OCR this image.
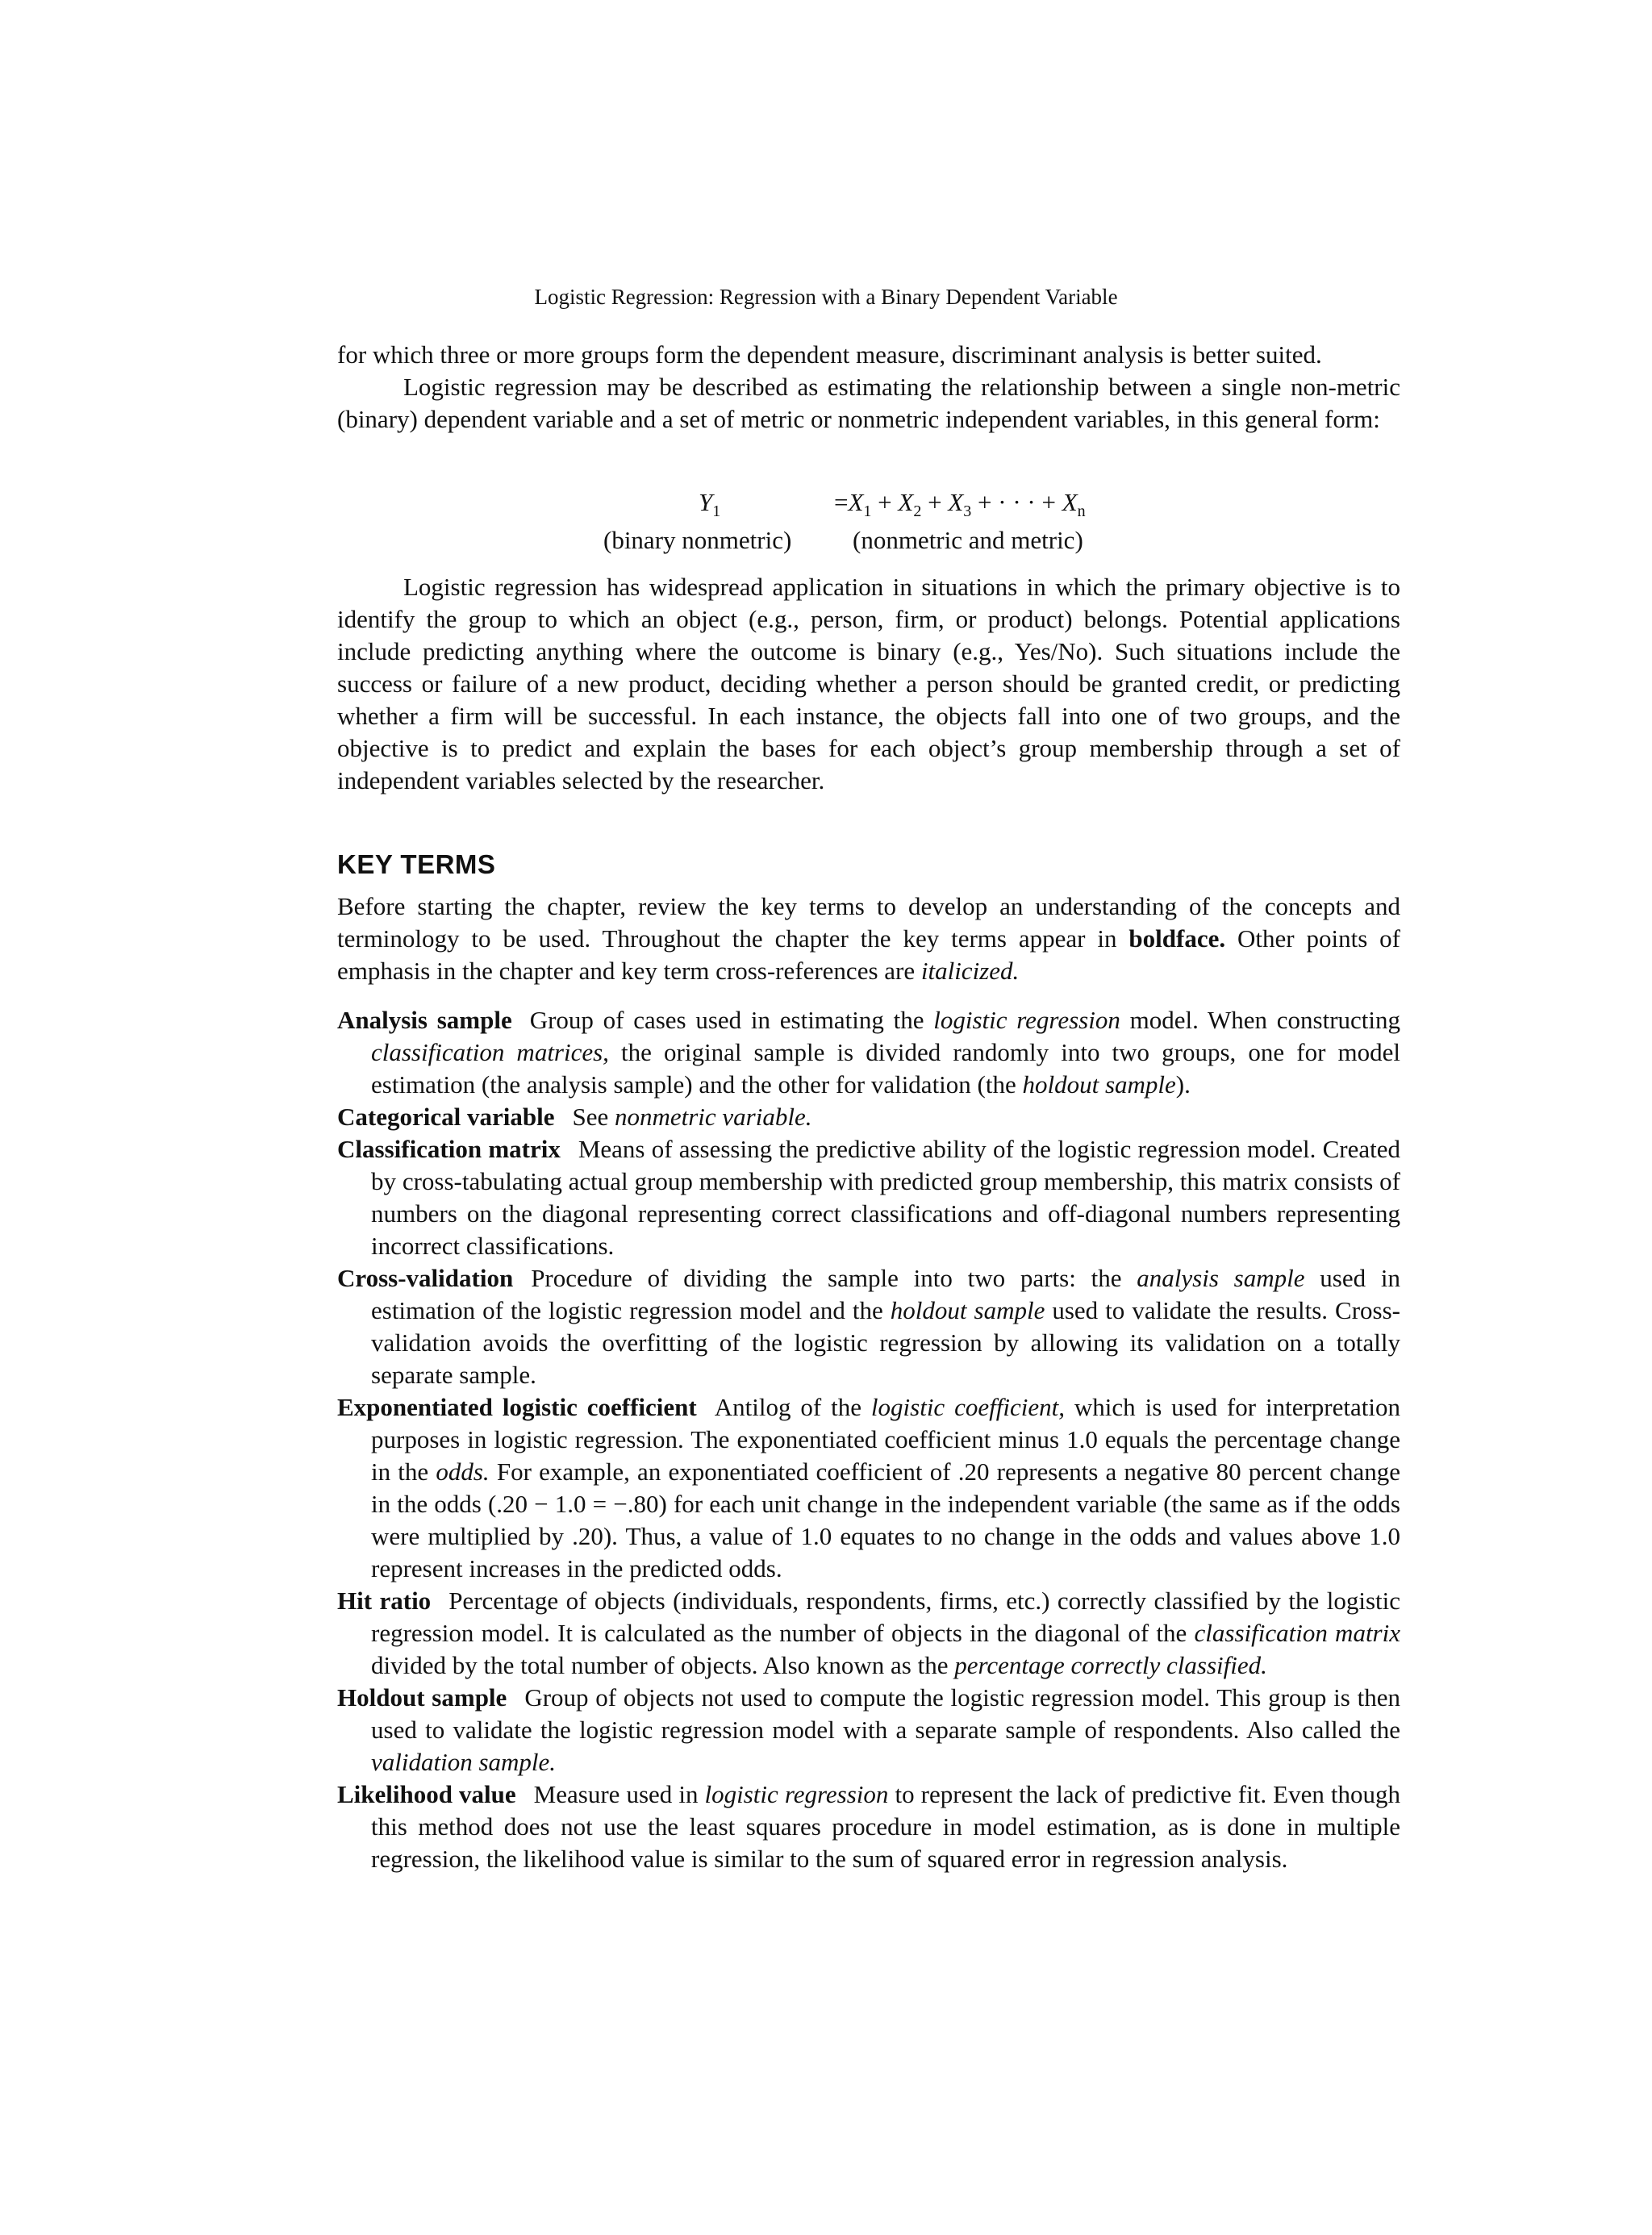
Logistic Regression: Regression with a Binary Dependent Variable

for which three or more groups form the dependent measure, discriminant analysis is better suited.

Logistic regression may be described as estimating the relationship between a single non-metric (binary) dependent variable and a set of metric or nonmetric independent variables, in this general form:

$Y_1$	$=X_1 + X_2 + X_3$ + · · · + $X_n$
(binary nonmetric) (nonmetric and metric)

Logistic regression has widespread application in situations in which the primary objective is to identify the group to which an object (e.g., person, firm, or product) belongs. Potential applications include predicting anything where the outcome is binary (e.g., Yes/No). Such situations include the success or failure of a new product, deciding whether a person should be granted credit, or predicting whether a firm will be successful. In each instance, the objects fall into one of two groups, and the objective is to predict and explain the bases for each object’s group membership through a set of independent variables selected by the researcher.

KEY TERMS

Before starting the chapter, review the key terms to develop an understanding of the concepts and terminology to be used. Throughout the chapter the key terms appear in boldface. Other points of emphasis in the chapter and key term cross-references are italicized.

Analysis sample Group of cases used in estimating the logistic regression model. When constructing classification matrices, the original sample is divided randomly into two groups, one for model estimation (the analysis sample) and the other for validation (the holdout sample).

Categorical variable See nonmetric variable.

Classification matrix Means of assessing the predictive ability of the logistic regression model. Created by cross-tabulating actual group membership with predicted group membership, this matrix consists of numbers on the diagonal representing correct classifications and off-diagonal numbers representing incorrect classifications.

Cross-validation Procedure of dividing the sample into two parts: the analysis sample used in estimation of the logistic regression model and the holdout sample used to validate the results. Cross-validation avoids the overfitting of the logistic regression by allowing its validation on a totally separate sample.

Exponentiated logistic coefficient Antilog of the logistic coefficient, which is used for interpretation purposes in logistic regression. The exponentiated coefficient minus 1.0 equals the percentage change in the odds. For example, an exponentiated coefficient of .20 represents a negative 80 percent change in the odds (.20 − 1.0 = −.80) for each unit change in the independent variable (the same as if the odds were multiplied by .20). Thus, a value of 1.0 equates to no change in the odds and values above 1.0 represent increases in the predicted odds.

Hit ratio Percentage of objects (individuals, respondents, firms, etc.) correctly classified by the logistic regression model. It is calculated as the number of objects in the diagonal of the classification matrix divided by the total number of objects. Also known as the percentage correctly classified.

Holdout sample Group of objects not used to compute the logistic regression model. This group is then used to validate the logistic regression model with a separate sample of respondents. Also called the validation sample.

Likelihood value Measure used in logistic regression to represent the lack of predictive fit. Even though this method does not use the least squares procedure in model estimation, as is done in multiple regression, the likelihood value is similar to the sum of squared error in regression analysis.
